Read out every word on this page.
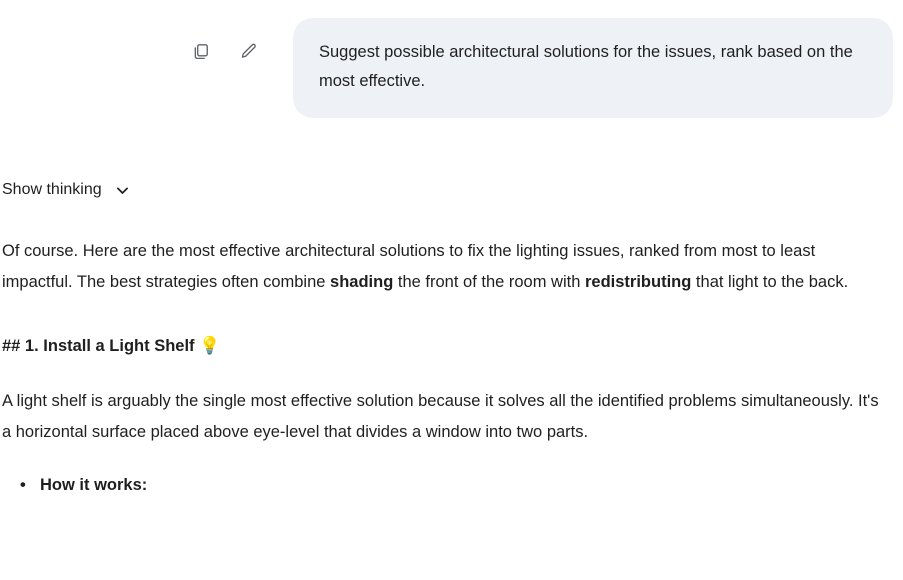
Suggest possible architectural solutions for the issues, rank based on the most effective.

Show thinking

Of course. Here are the most effective architectural solutions to fix the lighting issues, ranked from most to least impactful. The best strategies often combine shading the front of the room with redistributing that light to the back.

## 1. Install a Light Shelf 💡

A light shelf is arguably the single most effective solution because it solves all the identified problems simultaneously. It's a horizontal surface placed above eye-level that divides a window into two parts.

• How it works:
